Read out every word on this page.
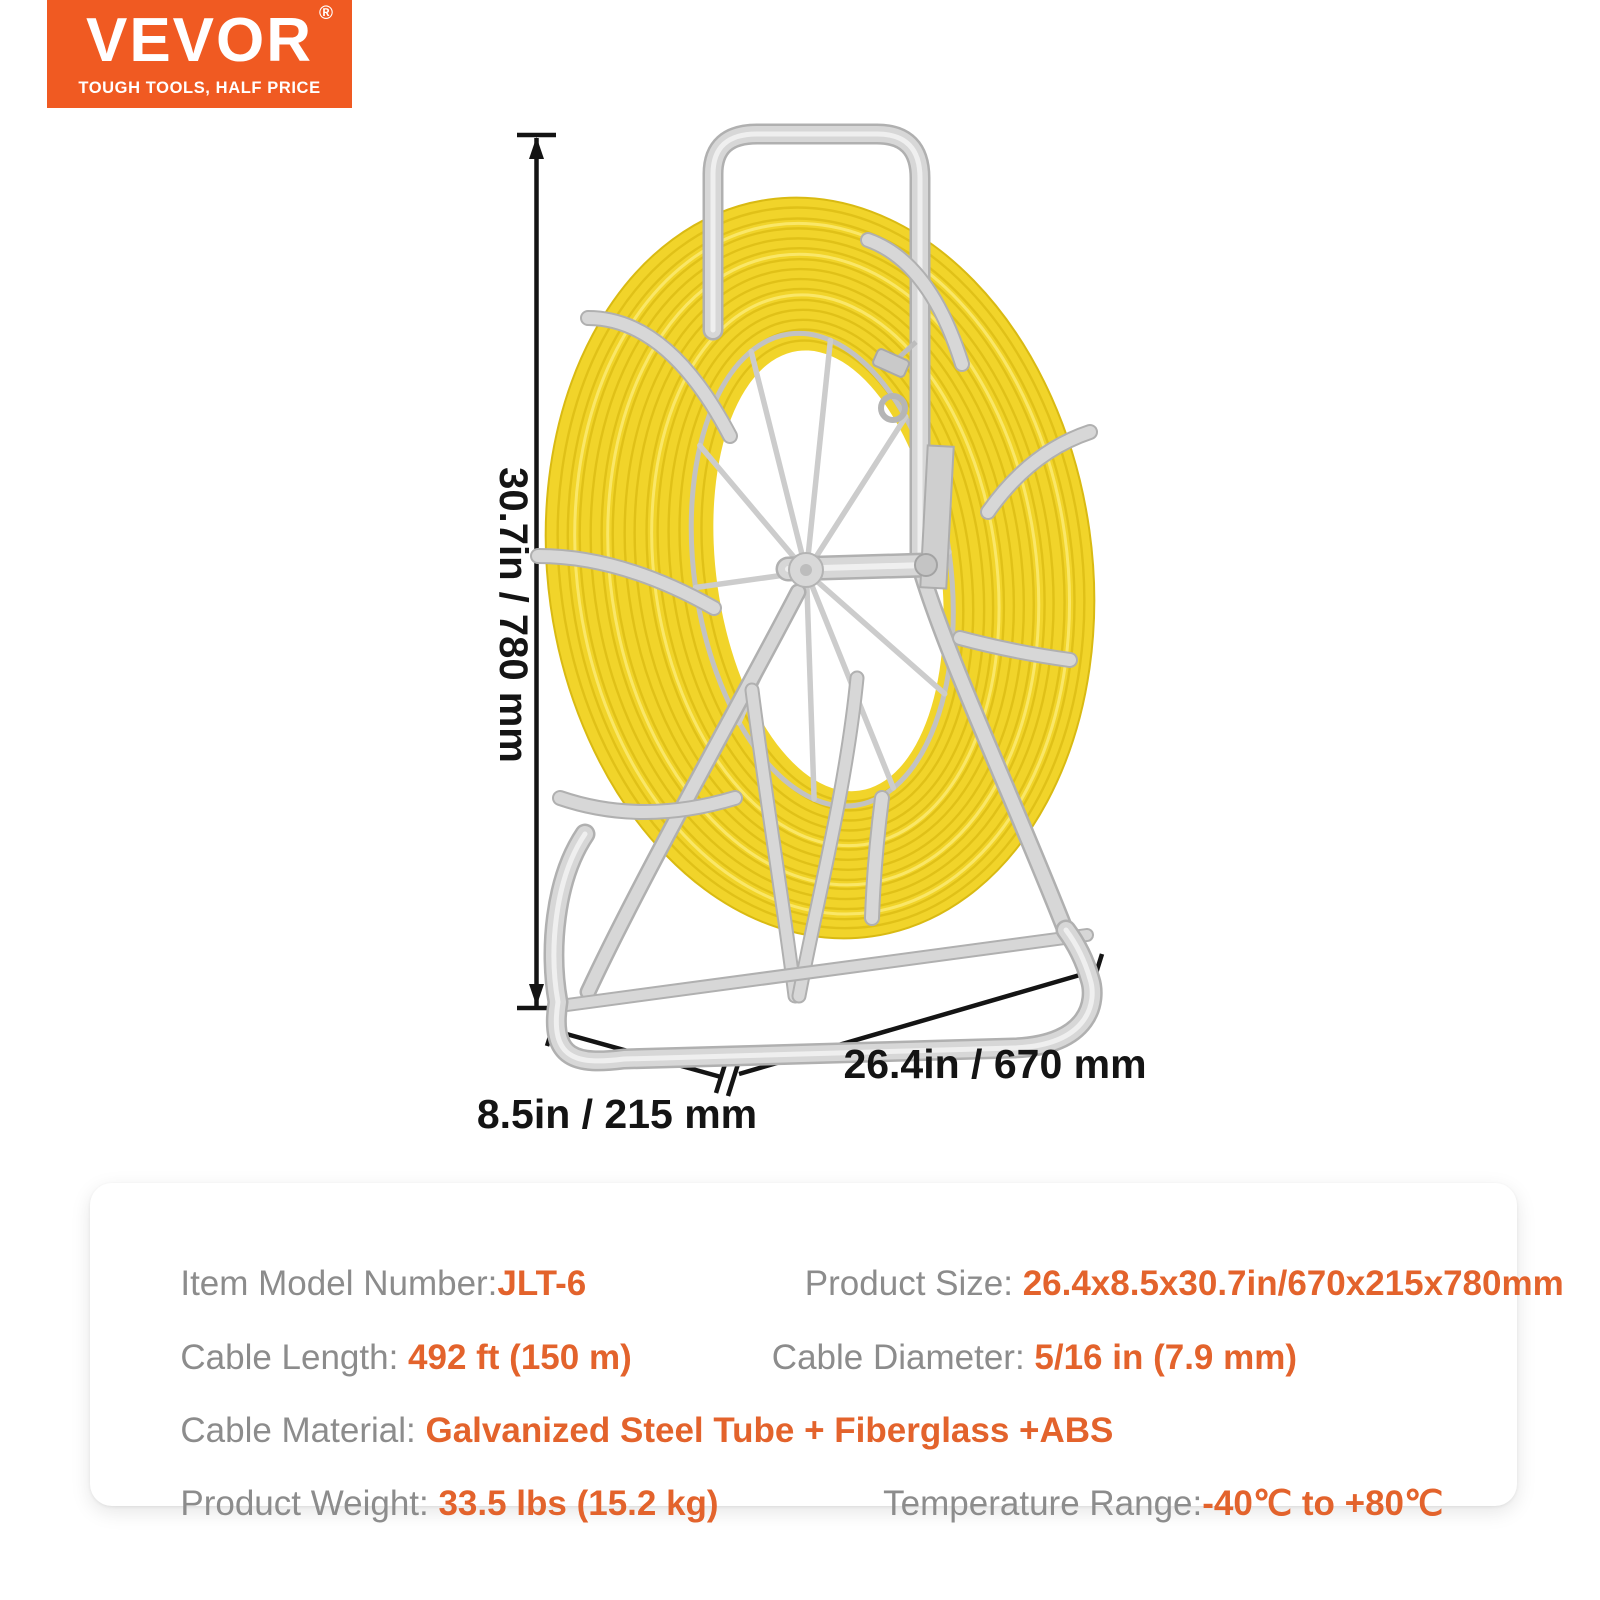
VEVOR ®
TOUGH TOOLS, HALF PRICE
30.7in / 780 mm
26.4in / 670 mm
8.5in / 215 mm

Item Model Number:JLT-6
	Product Size: 26.4x8.5x30.7in/670x215x780mm

Cable Length: 492 ft (150 m)
	Cable Diameter: 5/16 in (7.9 mm)

Cable Material: Galvanized Steel Tube + Fiberglass +ABS

Product Weight: 33.5 lbs (15.2 kg)
	Temperature Range:-40℃ to +80℃
